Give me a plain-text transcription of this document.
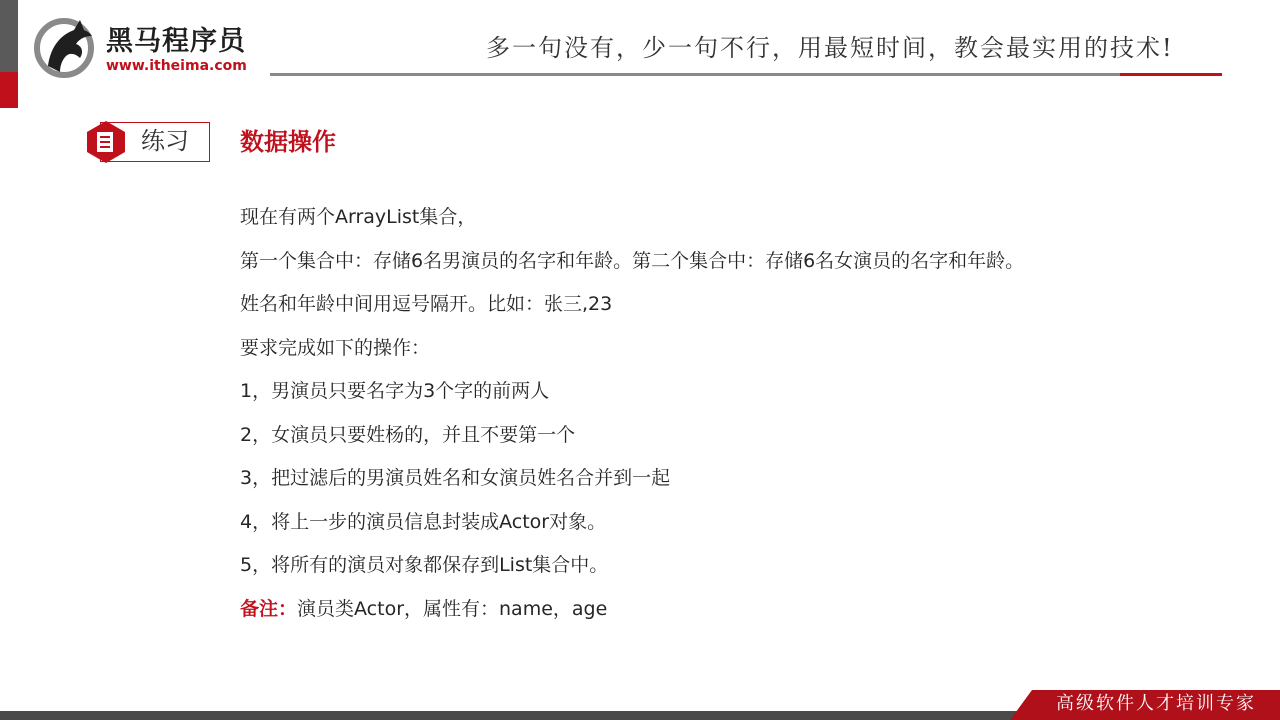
黑马程序员
www.itheima.com
多一句没有，少一句不行，用最短时间，教会最实用的技术!
练习 数据操作
现在有两个ArrayList集合，
第一个集合中：存储6名男演员的名字和年龄。第二个集合中：存储6名女演员的名字和年龄。
姓名和年龄中间用逗号隔开。比如：张三,23
要求完成如下的操作：
1，男演员只要名字为3个字的前两人
2，女演员只要姓杨的，并且不要第一个
3，把过滤后的男演员姓名和女演员姓名合并到一起
4，将上一步的演员信息封装成Actor对象。
5，将所有的演员对象都保存到List集合中。
备注：演员类Actor，属性有：name，age
高级软件人才培训专家
